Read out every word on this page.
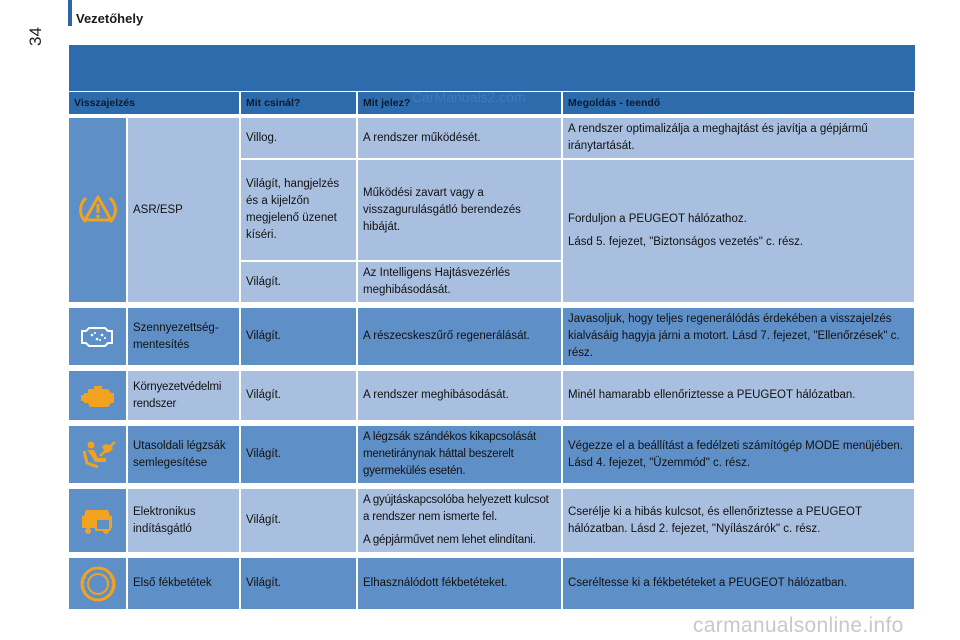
Vezetőhely
34
Visszajelzés		Mit csinál?	Mit jelez?	Megoldás - teendő

	ASR/ESP	Villog.	A rendszer működését.	A rendszer optimalizálja a meghajtást és javítja a gépjármű iránytartását.
		Világít, hangjelzés és a kijelzőn megjelenő üzenet kíséri.	Működési zavart vagy a visszagurulásgátló berendezés hibáját.	Forduljon a PEUGEOT hálózathoz.

Lásd 5. fejezet, "Biztonságos vezetés" c. rész.

		Világít.	Az Intelligens Hajtásvezérlés meghibásodását.	

	Szennyezettség-mentesítés	Világít.	A részecskeszűrő regenerálását.	Javasoljuk, hogy teljes regenerálódás érdekében a visszajelzés kialvásáig hagyja járni a motort. Lásd 7. fejezet, "Ellenőrzések" c. rész.

	Környezetvédelmi rendszer	Világít.	A rendszer meghibásodását.	Minél hamarabb ellenőriztesse a PEUGEOT hálózatban.

	Utasoldali légzsák semlegesítése	Világít.	A légzsák szándékos kikapcsolását menetiránynak háttal beszerelt gyermekülés esetén.	Végezze el a beállítást a fedélzeti számítógép MODE menüjében. Lásd 4. fejezet, "Üzemmód" c. rész.

	Elektronikus indításgátló	Világít.	A gyújtáskapcsolóba helyezett kulcsot a rendszer nem ismerte fel.

A gépjárművet nem lehet elindítani.	Cserélje ki a hibás kulcsot, és ellenőriztesse a PEUGEOT hálózatban. Lásd 2. fejezet, "Nyílászárók" c. rész.

	Első fékbetétek	Világít.	Elhasználódott fékbetéteket.	Cseréltesse ki a fékbetéteket a PEUGEOT hálózatban.
CarManuals2.com
carmanualsonline.info
